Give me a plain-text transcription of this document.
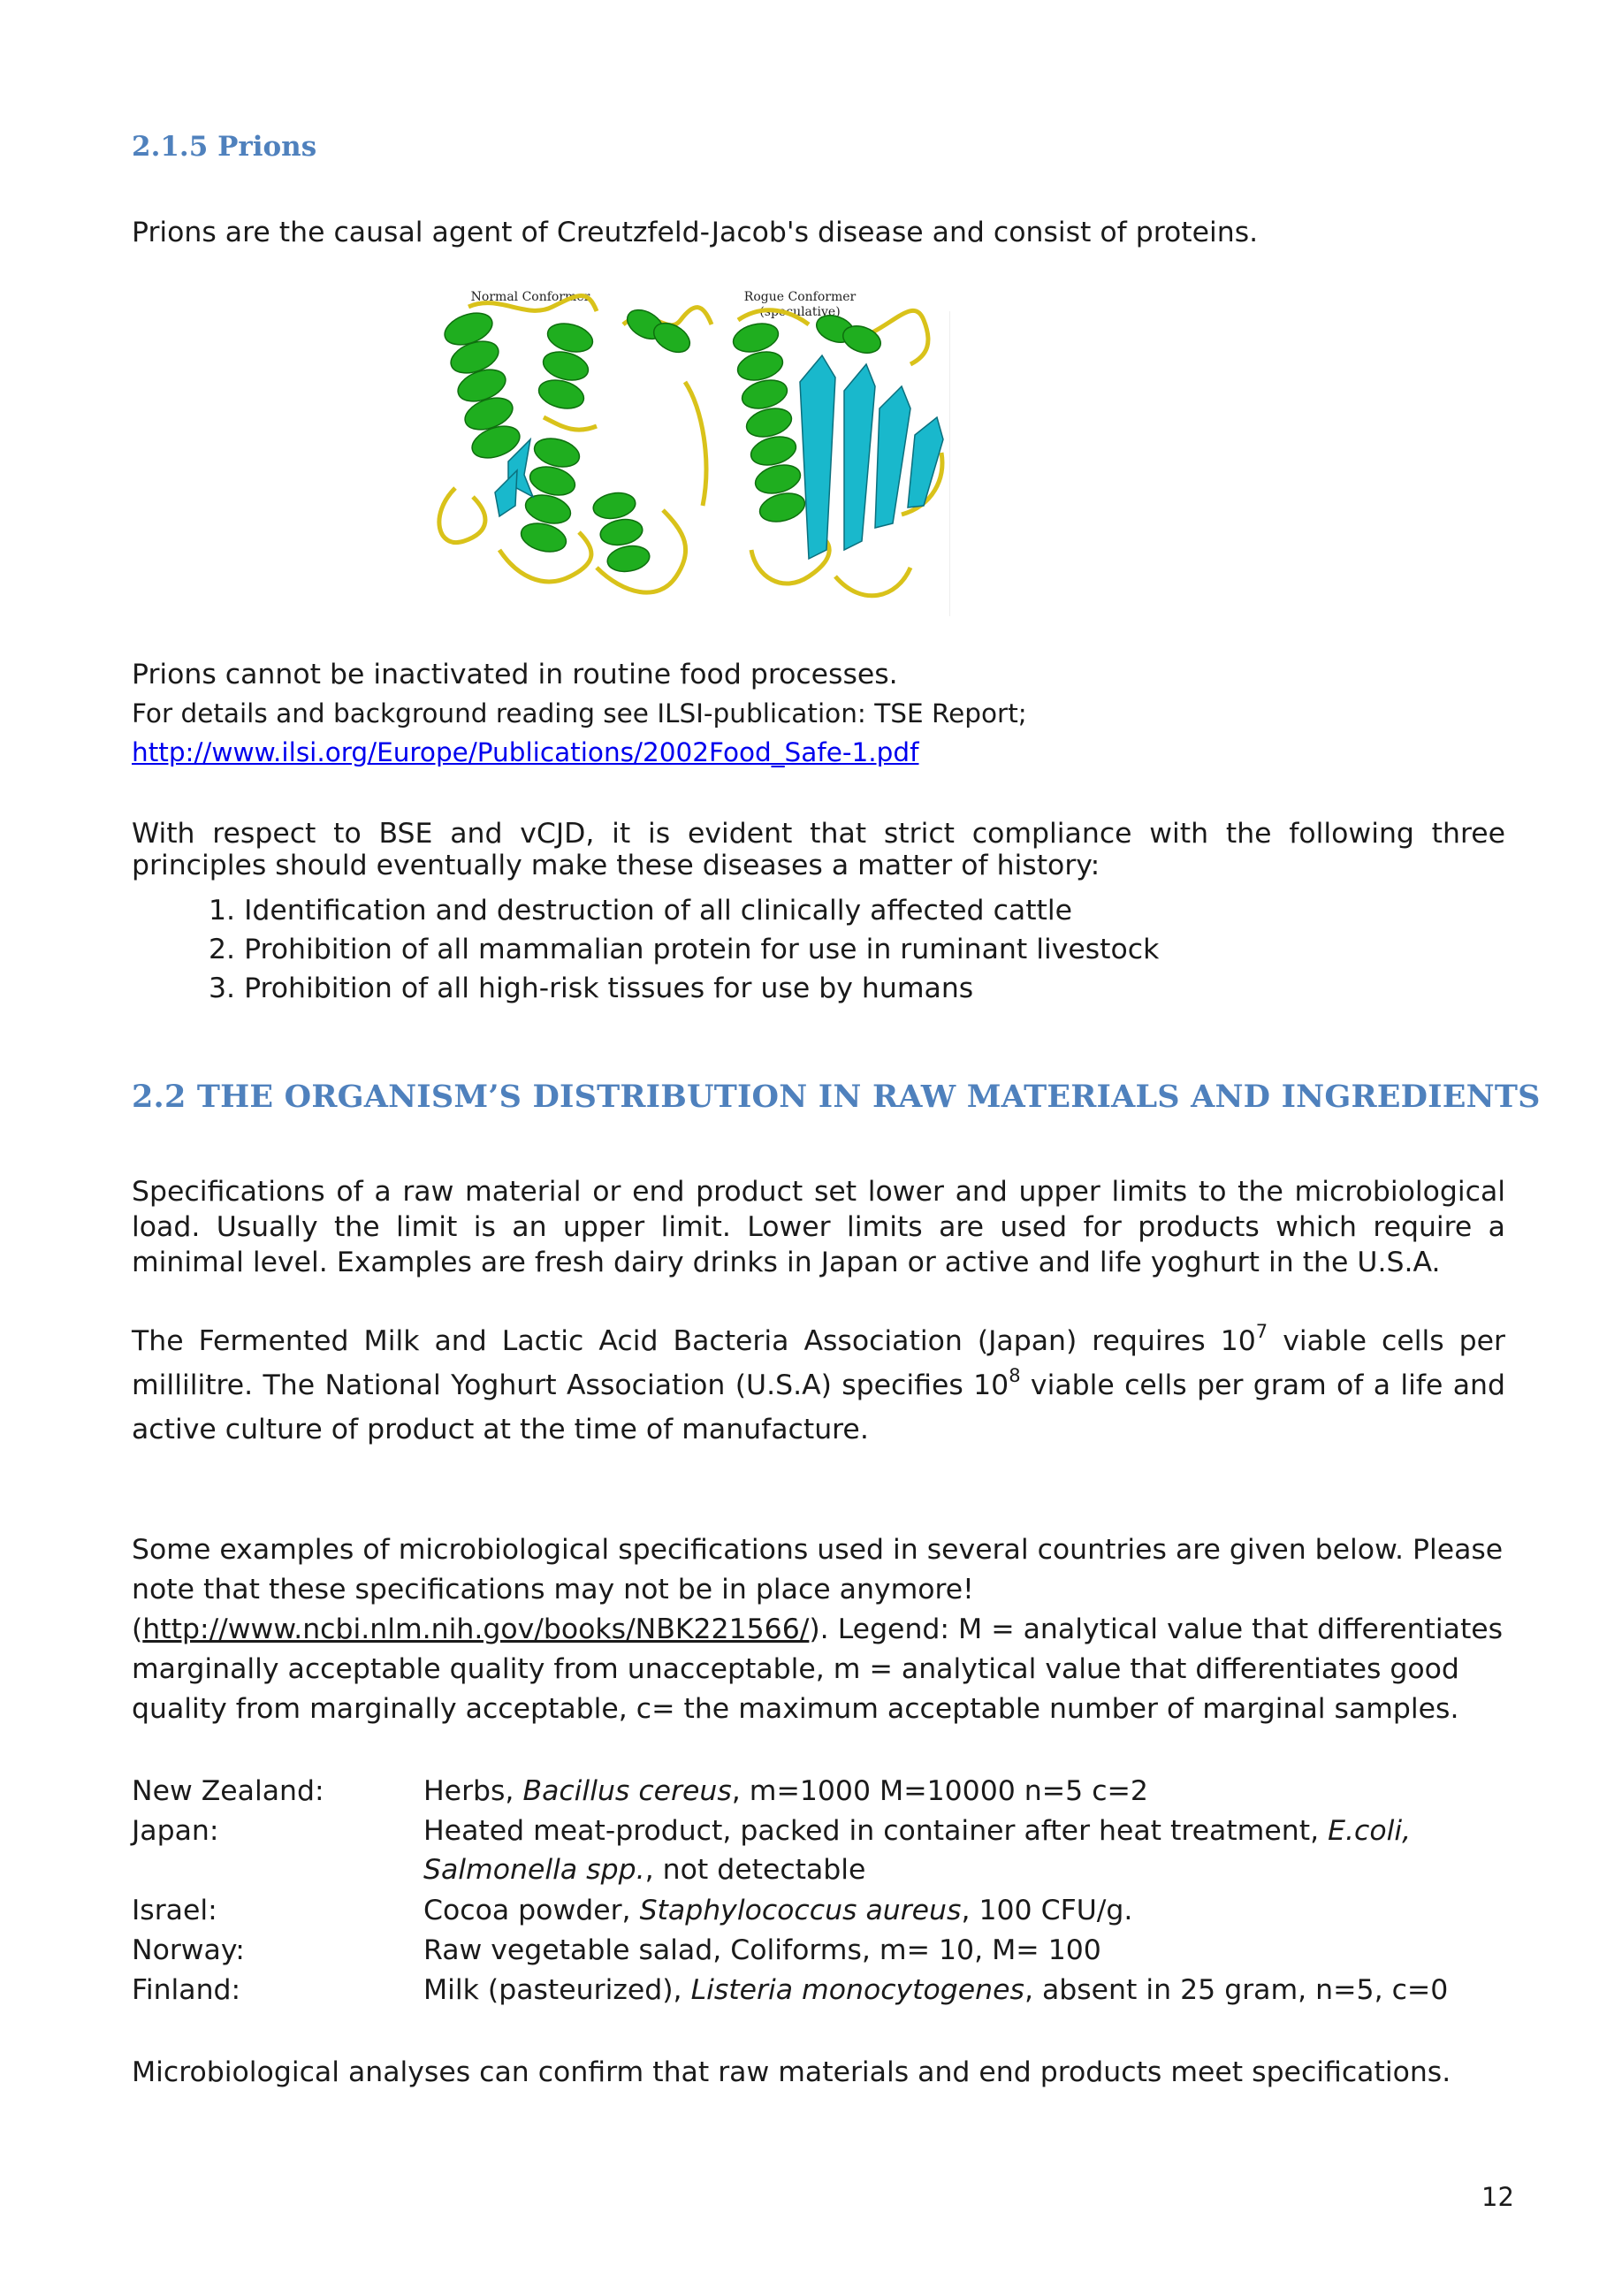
2.1.5 Prions
Prions are the causal agent of Creutzfeld-Jacob's disease and consist of proteins.
Normal Conformer	Rogue Conformer
(speculative)
Prions cannot be inactivated in routine food processes.
For details and background reading see ILSI-publication: TSE Report;
http://www.ilsi.org/Europe/Publications/2002Food_Safe-1.pdf
With respect to BSE and vCJD, it is evident that strict compliance with the following three principles should eventually make these diseases a matter of history:
1. Identification and destruction of all clinically affected cattle
2. Prohibition of all mammalian protein for use in ruminant livestock
3. Prohibition of all high-risk tissues for use by humans
2.2 THE ORGANISM’S DISTRIBUTION IN RAW MATERIALS AND INGREDIENTS
Specifications of a raw material or end product set lower and upper limits to the microbiological load. Usually the limit is an upper limit. Lower limits are used for products which require a minimal level. Examples are fresh dairy drinks in Japan or active and life yoghurt in the U.S.A.
The Fermented Milk and Lactic Acid Bacteria Association (Japan) requires $10^7$ viable cells per millilitre. The National Yoghurt Association (U.S.A) specifies $10^8$ viable cells per gram of a life and active culture of product at the time of manufacture.
Some examples of microbiological specifications used in several countries are given below. Please note that these specifications may not be in place anymore!
(http://www.ncbi.nlm.nih.gov/books/NBK221566/). Legend: M = analytical value that differentiates marginally acceptable quality from unacceptable, m = analytical value that differentiates good quality from marginally acceptable, c= the maximum acceptable number of marginal samples.
New Zealand:	Herbs, Bacillus cereus, m=1000 M=10000 n=5 c=2
Japan:	Heated meat-product, packed in container after heat treatment, E.coli,
Salmonella spp., not detectable
Israel:	Cocoa powder, Staphylococcus aureus, 100 CFU/g.
Norway:	Raw vegetable salad, Coliforms, m= 10, M= 100
Finland:	Milk (pasteurized), Listeria monocytogenes, absent in 25 gram, n=5, c=0
Microbiological analyses can confirm that raw materials and end products meet specifications.
12
